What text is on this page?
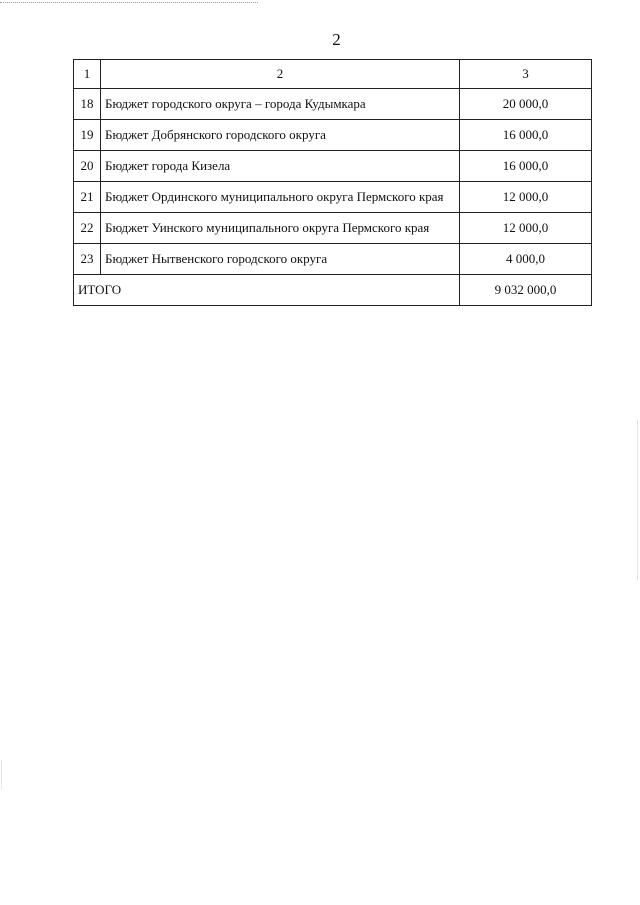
2
1	2	3
18	Бюджет городского округа – города Кудымкара	20 000,0
19	Бюджет Добрянского городского округа	16 000,0
20	Бюджет города Кизела	16 000,0
21	Бюджет Ординского муниципального округа Пермского края	12 000,0
22	Бюджет Уинского муниципального округа Пермского края	12 000,0
23	Бюджет Нытвенского городского округа	4 000,0
ИТОГО		9 032 000,0
